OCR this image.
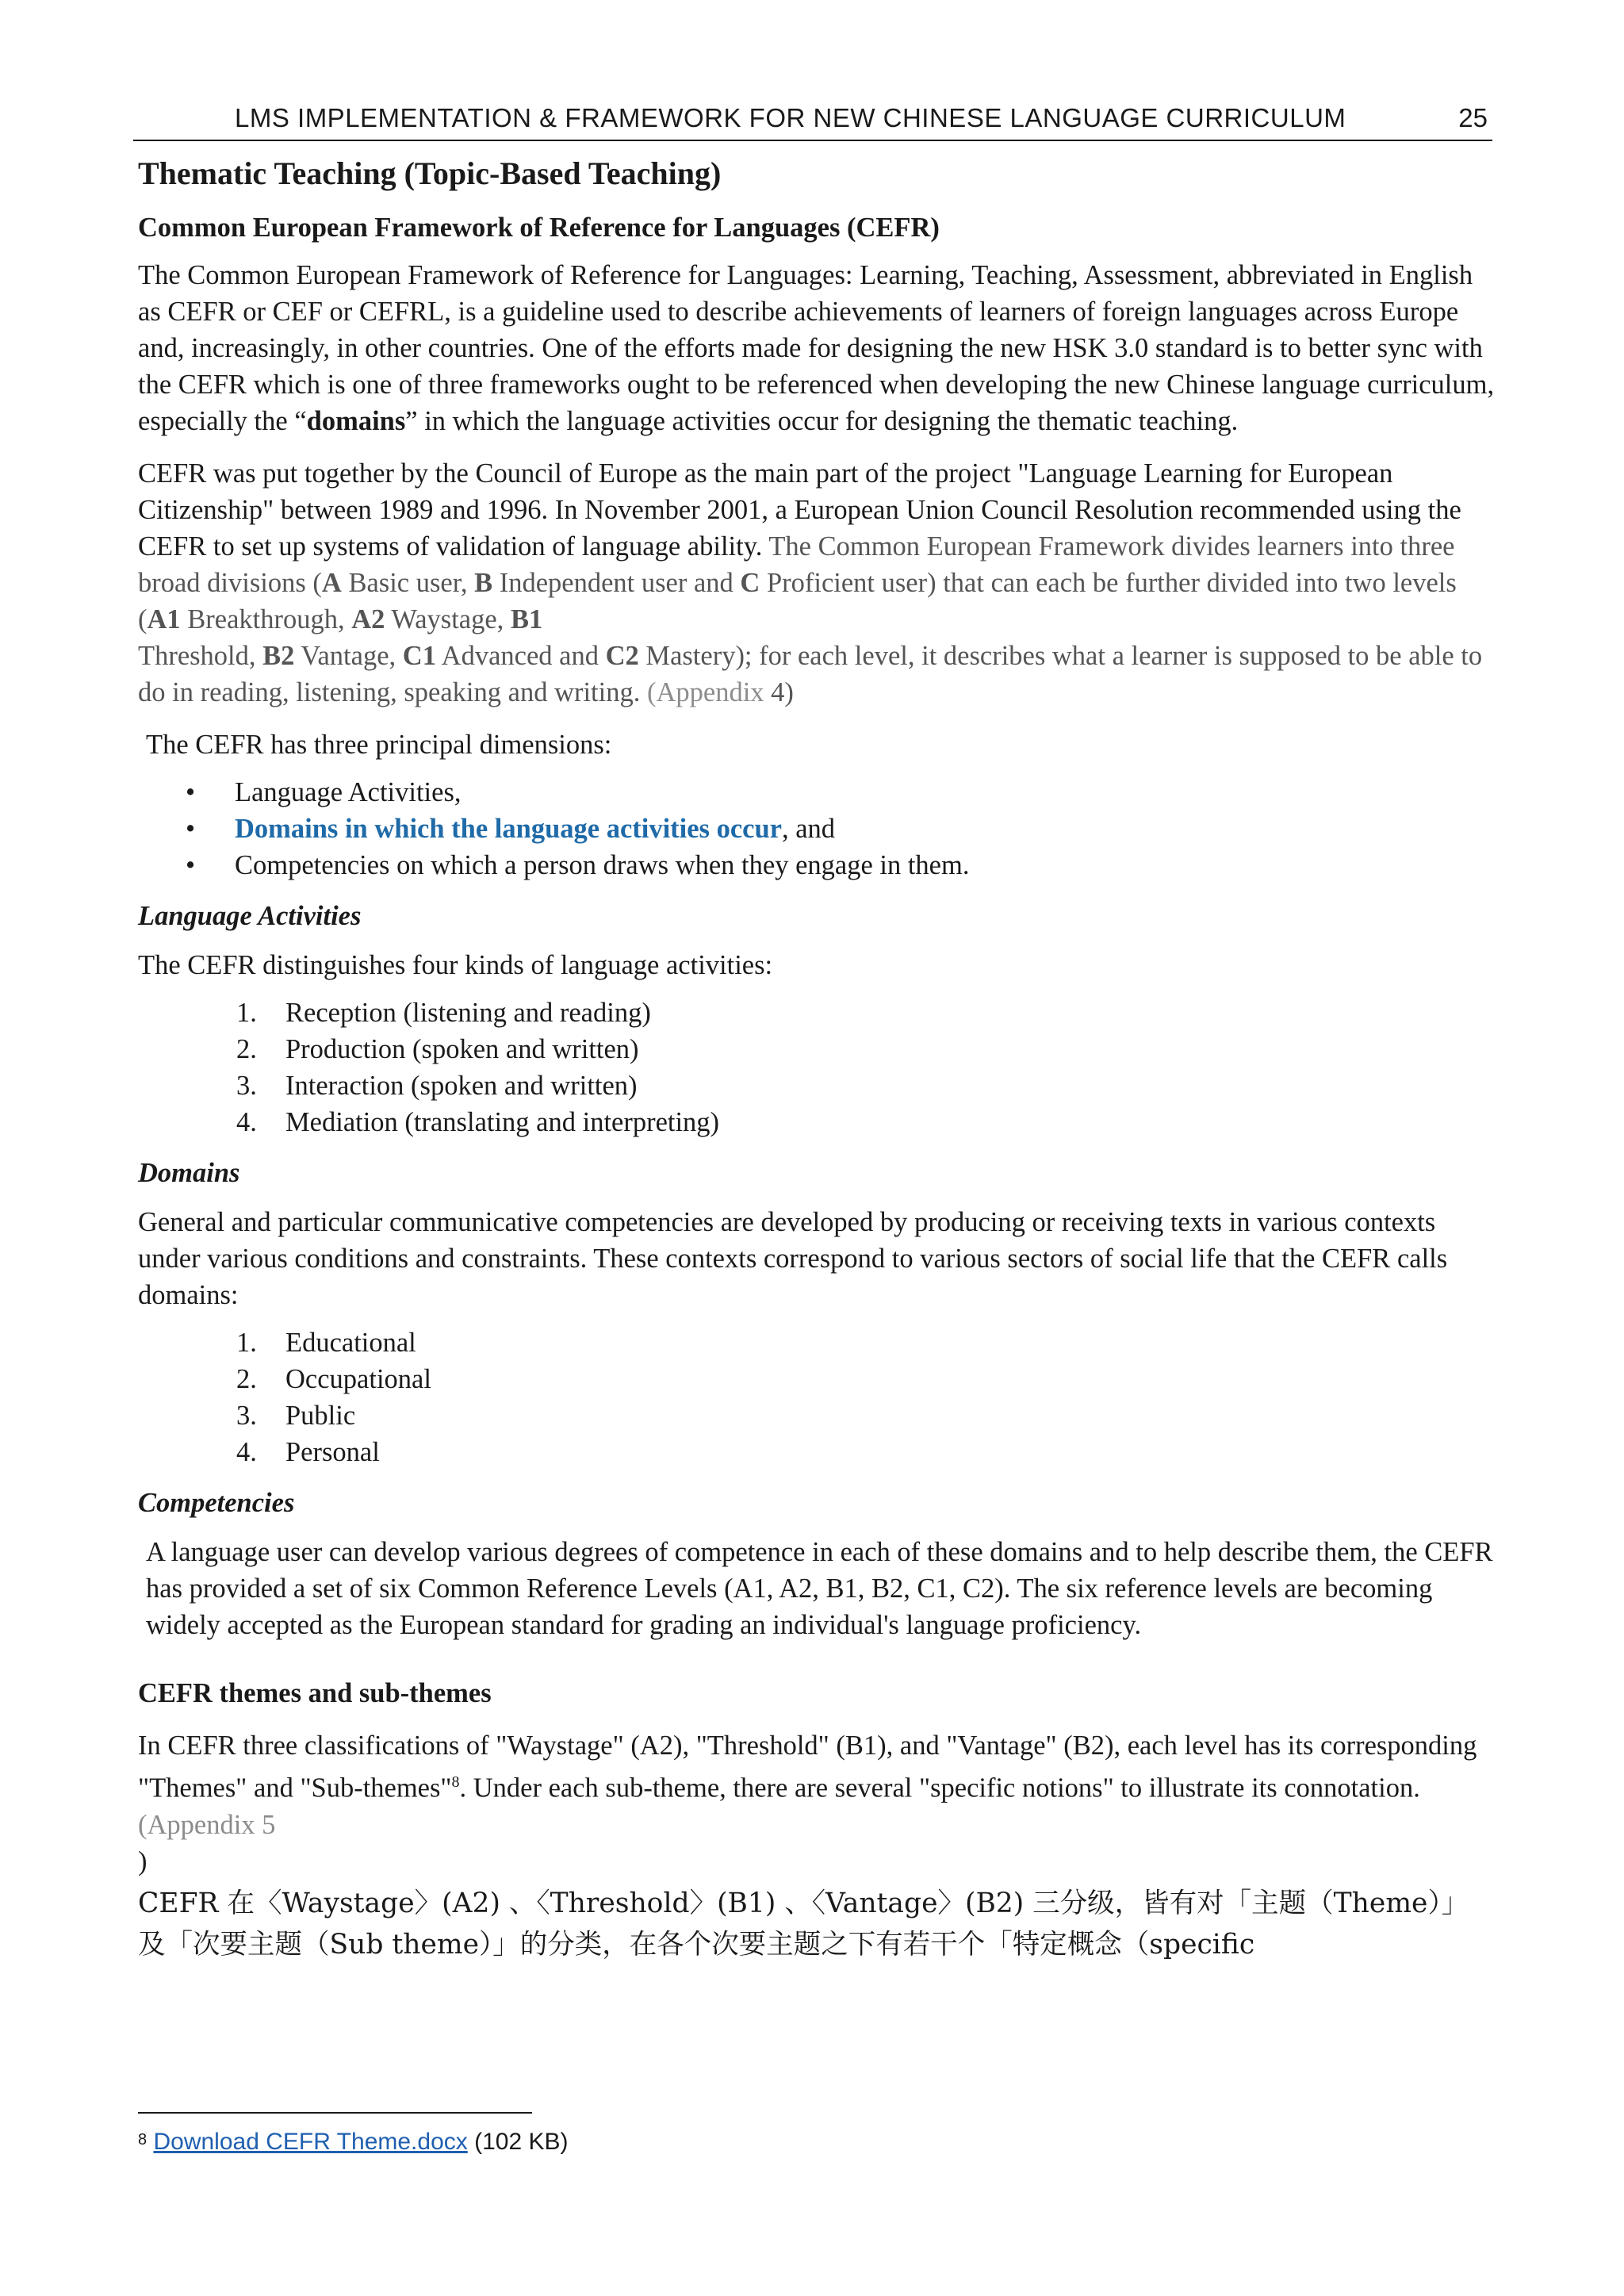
LMS IMPLEMENTATION & FRAMEWORK FOR NEW CHINESE LANGUAGE CURRICULUM	25
Thematic Teaching (Topic-Based Teaching)
Common European Framework of Reference for Languages (CEFR)

The Common European Framework of Reference for Languages: Learning, Teaching, Assessment, abbreviated in English as CEFR or CEF or CEFRL, is a guideline used to describe achievements of learners of foreign languages across Europe and, increasingly, in other countries. One of the efforts made for designing the new HSK 3.0 standard is to better sync with the CEFR which is one of three frameworks ought to be referenced when developing the new Chinese language curriculum, especially the “domains” in which the language activities occur for designing the thematic teaching.

CEFR was put together by the Council of Europe as the main part of the project "Language Learning for European Citizenship" between 1989 and 1996. In November 2001, a European Union Council Resolution recommended using the CEFR to set up systems of validation of language ability. The Common European Framework divides learners into three broad divisions (A Basic user, B Independent user and C Proficient user) that can each be further divided into two levels (A1 Breakthrough, A2 Waystage, B1
Threshold, B2 Vantage, C1 Advanced and C2 Mastery); for each level, it describes what a learner is supposed to be able to do in reading, listening, speaking and writing. (Appendix 4)

The CEFR has three principal dimensions:

• Language Activities,
• Domains in which the language activities occur, and
• Competencies on which a person draws when they engage in them.
Language Activities

The CEFR distinguishes four kinds of language activities:

1. Reception (listening and reading)
2. Production (spoken and written)
3. Interaction (spoken and written)
4. Mediation (translating and interpreting)
Domains

General and particular communicative competencies are developed by producing or receiving texts in various contexts under various conditions and constraints. These contexts correspond to various sectors of social life that the CEFR calls domains:

1. Educational
2. Occupational
3. Public
4. Personal
Competencies

A language user can develop various degrees of competence in each of these domains and to help describe them, the CEFR has provided a set of six Common Reference Levels (A1, A2, B1, B2, C1, C2). The six reference levels are becoming widely accepted as the European standard for grading an individual's language proficiency.

CEFR themes and sub-themes

In CEFR three classifications of "Waystage" (A2), "Threshold" (B1), and "Vantage" (B2), each level has its corresponding "Themes" and "Sub-themes"$^8$. Under each sub-theme, there are several "specific notions" to illustrate its connotation. (Appendix 5
)

CEFR 在〈Waystage〉(A2) 、〈Threshold〉(B1) 、〈Vantage〉(B2) 三分级，皆有对「主题（Theme）」
及「次要主题（Sub theme）」的分类，在各个次要主题之下有若干个「特定概念（specific

$^8$ Download CEFR Theme.docx (102 KB)
